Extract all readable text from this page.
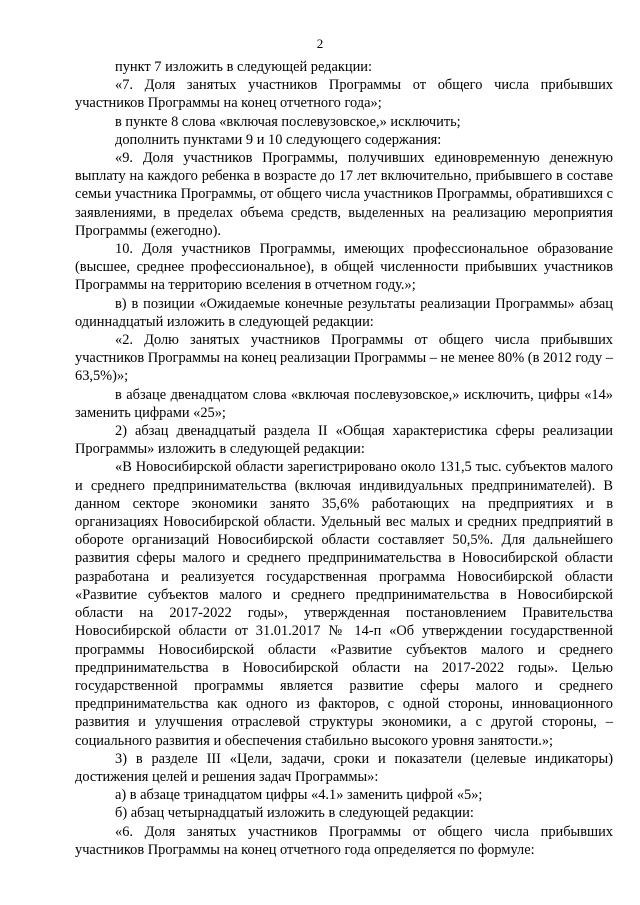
2

пункт 7 изложить в следующей редакции:

«7. Доля занятых участников Программы от общего числа прибывших участников Программы на конец отчетного года»;

в пункте 8 слова «включая послевузовское,» исключить;

дополнить пунктами 9 и 10 следующего содержания:

«9. Доля участников Программы, получивших единовременную денежную выплату на каждого ребенка в возрасте до 17 лет включительно, прибывшего в составе семьи участника Программы, от общего числа участников Программы, обратившихся с заявлениями, в пределах объема средств, выделенных на реализацию мероприятия Программы (ежегодно).

10. Доля участников Программы, имеющих профессиональное образование (высшее, среднее профессиональное), в общей численности прибывших участников Программы на территорию вселения в отчетном году.»;

в) в позиции «Ожидаемые конечные результаты реализации Программы» абзац одиннадцатый изложить в следующей редакции:

«2. Долю занятых участников Программы от общего числа прибывших участников Программы на конец реализации Программы – не менее 80% (в 2012 году – 63,5%)»;

в абзаце двенадцатом слова «включая послевузовское,» исключить, цифры «14» заменить цифрами «25»;

2) абзац двенадцатый раздела II «Общая характеристика сферы реализации Программы» изложить в следующей редакции:

«В Новосибирской области зарегистрировано около 131,5 тыс. субъектов малого и среднего предпринимательства (включая индивидуальных предпринимателей). В данном секторе экономики занято 35,6% работающих на предприятиях и в организациях Новосибирской области. Удельный вес малых и средних предприятий в обороте организаций Новосибирской области составляет 50,5%. Для дальнейшего развития сферы малого и среднего предпринимательства в Новосибирской области разработана и реализуется государственная программа Новосибирской области «Развитие субъектов малого и среднего предпринимательства в Новосибирской области на 2017-2022 годы», утвержденная постановлением Правительства Новосибирской области от 31.01.2017 № 14-п «Об утверждении государственной программы Новосибирской области «Развитие субъектов малого и среднего предпринимательства в Новосибирской области на 2017-2022 годы». Целью государственной программы является развитие сферы малого и среднего предпринимательства как одного из факторов, с одной стороны, инновационного развития и улучшения отраслевой структуры экономики, а с другой стороны, – социального развития и обеспечения стабильно высокого уровня занятости.»;

3) в разделе III «Цели, задачи, сроки и показатели (целевые индикаторы) достижения целей и решения задач Программы»:

а) в абзаце тринадцатом цифры «4.1» заменить цифрой «5»;

б) абзац четырнадцатый изложить в следующей редакции:

«6. Доля занятых участников Программы от общего числа прибывших участников Программы на конец отчетного года определяется по формуле:
